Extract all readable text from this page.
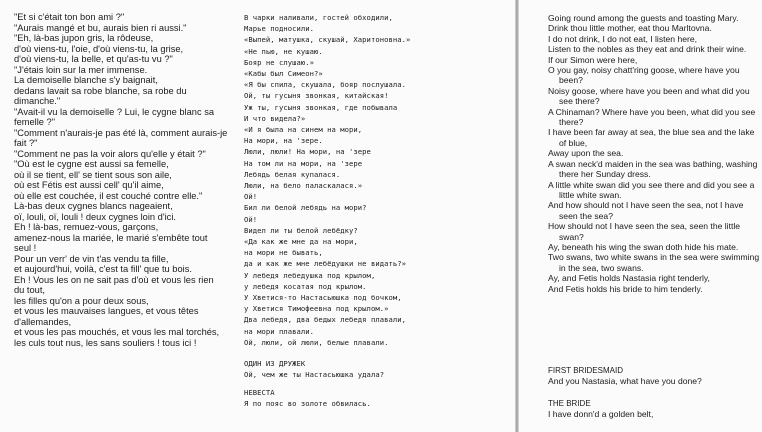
"Et si c'était ton bon ami ?"
"Aurais mangé et bu, aurais bien ri aussi."
"Eh, là-bas jupon gris, la rôdeuse,
d'où viens-tu, l'oie, d'où viens-tu, la grise,
d'où viens-tu, la belle, et qu'as-tu vu ?"
"J'étais loin sur la mer immense.
La demoiselle blanche s'y baignait,
dedans lavait sa robe blanche, sa robe du
dimanche."
"Avait-il vu la demoiselle ? Lui, le cygne blanc sa
femelle ?"
"Comment n'aurais-je pas été là, comment aurais-je
fait ?"
"Comment ne pas la voir alors qu'elle y était ?"
"Où est le cygne est aussi sa femelle,
où il se tient, ell' se tient sous son aile,
où est Fétis est aussi cell' qu'il aime,
où elle est couchée, il est couché contre elle."
Là-bas deux cygnes blancs nageaient,
oï, louli, oï, louli ! deux cygnes loin d'ici.
Eh ! là-bas, remuez-vous, garçons,
amenez-nous la mariée, le marié s'embête tout
seul !
Pour un verr' de vin t'as vendu ta fille,
et aujourd'hui, voilà, c'est ta fill' que tu bois.
Eh ! Vous les on ne sait pas d'où et vous les rien
du tout,
les filles qu'on a pour deux sous,
et vous les mauvaises langues, et vous têtes
d'allemandes,
et vous les pas mouchés, et vous les mal torchés,
les culs tout nus, les sans souliers ! tous ici !
В чарки наливали, гостей обходили,
Марье подносили.
«Выпей, матушка, скушай, Харитоновна.»
«Не пью, не кушаю.
Бояр не слушаю.»
«Кабы был Симеон?»
«Я бы спила, скушала, бояр послушала.
Ой, ты гусыня звонкая, китайская!
Уж ты, гусыня звонкая, где побывала
И что видела?»
«И я была на синем на мори,
На мори, на 'зере.
Люли, люли! На мори, на 'зере
На том ли на мори, на 'зере
Лебядь белая купалася.
Люли, на бело паласкалася.»
Ой!
Бил ли белой лебядь на мори?
Ой!
Видел ли ты белой лебёдку?
«Да как же мне да на мори,
на мори не бывать,
да и как же мне лебёдушки не видать?»
У лебедя лебедушка под крылом,
у лебедя косатая под крылом.
У Хветися-то Настасьюшка под бочком,
у Хветися Тимофеевна под крылом.»
Два лебедя, два бедых лебедя плавали,
на мори плавали.
Ой, люли, ой люли, белые плавали.
ОДИН ИЗ ДРУЖЕК
Ой, чем же ты Настасьюшка удала?
НЕВЕСТА
Я по пояс во золоте обвилась.
Going round among the guests and toasting Mary.
Drink thou little mother, eat thou Marltovna.
I do not drink, I do not eat, I listen here,
Listen to the nobles as they eat and drink their wine.
If our Simon were here,
O you gay, noisy chatt'ring goose, where have you been?
Noisy goose, where have you been and what did you see there?
A Chinaman? Where have you been, what did you see there?
I have been far away at sea, the blue sea and the lake of blue,
Away upon the sea.
A swan neck'd maiden in the sea was bathing, washing there her Sunday dress.
A little white swan did you see there and did you see a little white swan.
And how should not I have seen the sea, not I have seen the sea?
How should not I have seen the sea, seen the little swan?
Ay, beneath his wing the swan doth hide his mate.
Two swans, two white swans in the sea were swimming in the sea, two swans.
Ay, and Fetis holds Nastasia right tenderly,
And Fetis holds his bride to him tenderly.
FIRST BRIDESMAID
And you Nastasia, what have you done?
THE BRIDE
I have donn'd a golden belt,
